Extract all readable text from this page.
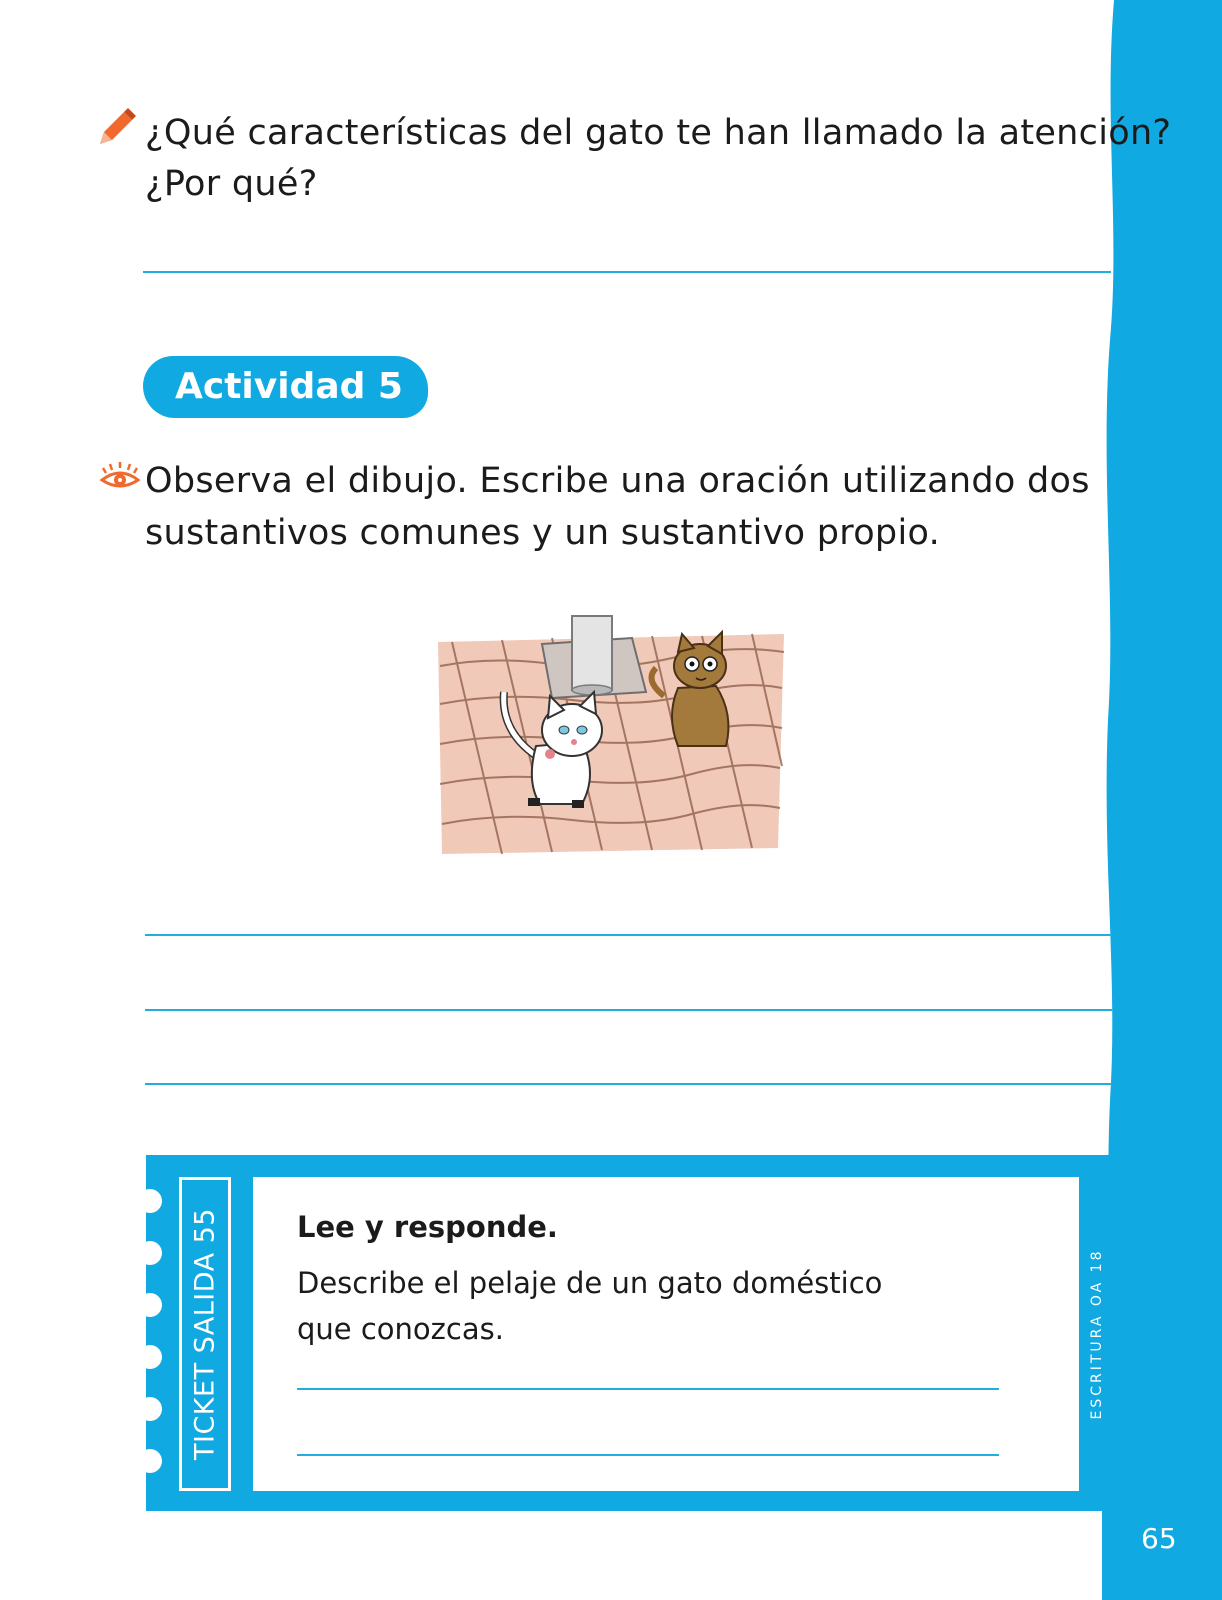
¿Qué características del gato te han llamado la atención?
¿Por qué?
Actividad 5
Observa el dibujo. Escribe una oración utilizando dos
sustantivos comunes y un sustantivo propio.
TICKET SALIDA 55	ESCRITURA OA 18
Lee y responde.
Describe el pelaje de un gato doméstico
que conozcas.
65
